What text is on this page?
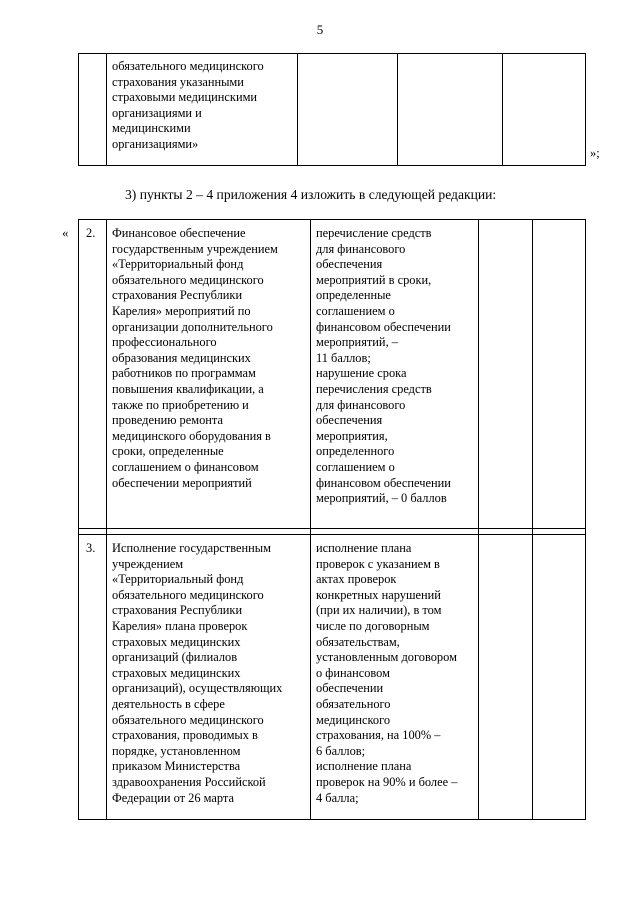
5
обязательного медицинского
страхования указанными
страховыми медицинскими
организациями и
медицинскими
организациями»
»;
3) пункты 2 – 4 приложения 4 изложить в следующей редакции:
« 2. Финансовое обеспечение
государственным учреждением
«Территориальный фонд
обязательного медицинского
страхования Республики
Карелия» мероприятий по
организации дополнительного
профессионального
образования медицинских
работников по программам
повышения квалификации, а
также по приобретению и
проведению ремонта
медицинского оборудования в
сроки, определенные
соглашением о финансовом
обеспечении мероприятий
перечисление средств
для финансового
обеспечения
мероприятий в сроки,
определенные
соглашением о
финансовом обеспечении
мероприятий, –
11 баллов;
нарушение срока
перечисления средств
для финансового
обеспечения
мероприятия,
определенного
соглашением о
финансовом обеспечении
мероприятий, – 0 баллов
3. Исполнение государственным
учреждением
«Территориальный фонд
обязательного медицинского
страхования Республики
Карелия» плана проверок
страховых медицинских
организаций (филиалов
страховых медицинских
организаций), осуществляющих
деятельность в сфере
обязательного медицинского
страхования, проводимых в
порядке, установленном
приказом Министерства
здравоохранения Российской
Федерации от 26 марта
исполнение плана
проверок с указанием в
актах проверок
конкретных нарушений
(при их наличии), в том
числе по договорным
обязательствам,
установленным договором
о финансовом
обеспечении
обязательного
медицинского
страхования, на 100% –
6 баллов;
исполнение плана
проверок на 90% и более –
4 балла;
